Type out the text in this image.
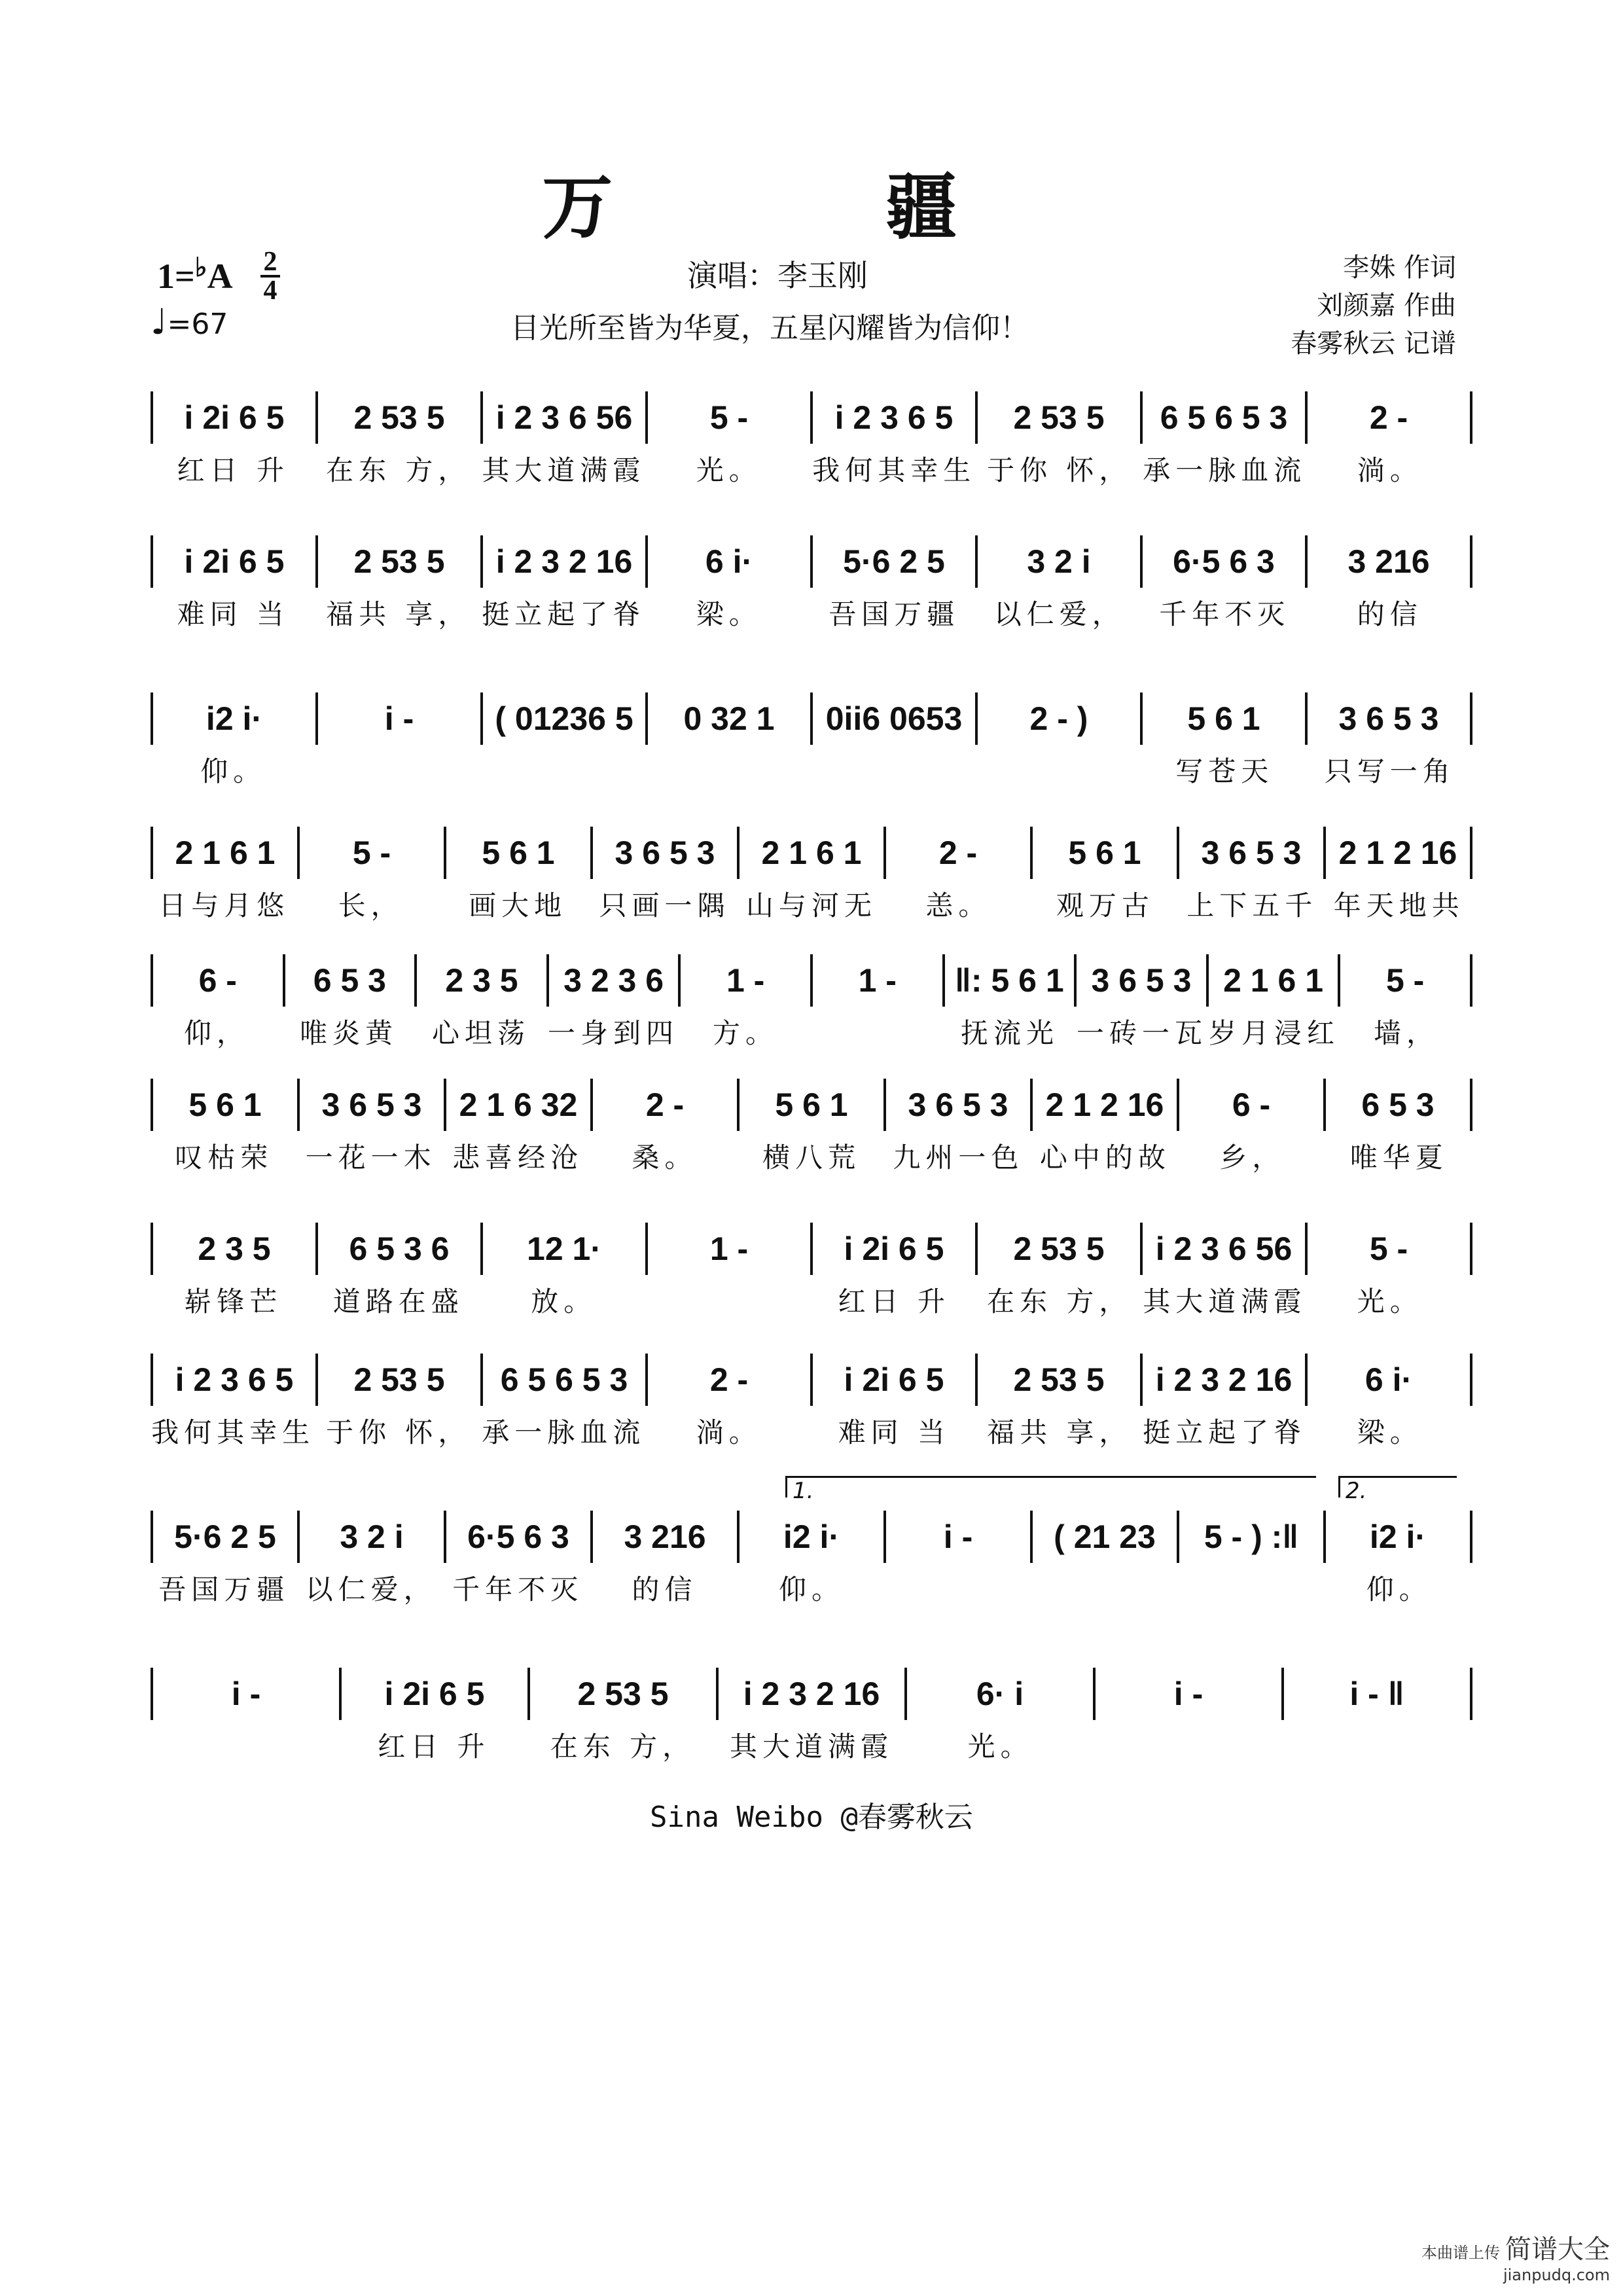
万 疆
1=♭A 2
4
♩=67
演唱：李玉刚
目光所至皆为华夏，五星闪耀皆为信仰！
李姝 作词
刘颜嘉 作曲
春雾秋云 记谱
i 2i 6 5	2 53 5	i 2 3 6 56	5 -	i 2 3 6 5	2 53 5	6 5 6 5 3	2 -
红日 升	在东 方， 其大道满霞	光。	我何其幸生 于你 怀， 承一脉血流	淌。
i 2i 6 5	2 53 5	i 2 3 2 16	6 i·	5·6 2 5	3 2 i	6·5 6 3	3 216
难同 当	福共 享， 挺立起了脊	梁。	吾国万疆	以仁爱，	千年不灭	的信
i2 i·	i -	( 01236 5	0 32 1	0ii6 0653	2 - )	5 6 1	3 6 5 3
仰。	写苍天	只写一角
2 1 6 1	5 -	5 6 1	3 6 5 3	2 1 6 1	2 -	5 6 1	3 6 5 3	2 1 2 16
日与月悠	长，	画大地	只画一隅 山与河无	恙。	观万古	上下五千 年天地共
6 -	6 5 3	2 3 5	3 2 3 6	1 -	1 -	‖: 5 6 1 3 6 5 3 2 1 6 1	5 -
仰，	唯炎黄	心坦荡 一身到四	方。	抚流光 一砖一瓦 岁月浸红	墙，
5 6 1	3 6 5 3	2 1 6 32	2 -	5 6 1	3 6 5 3	2 1 2 16	6 -	6 5 3
叹枯荣	一花一木 悲喜经沧	桑。	横八荒	九州一色 心中的故	乡，	唯华夏
2 3 5	6 5 3 6	12 1·	1 -	i 2i 6 5	2 53 5	i 2 3 6 56	5 -
崭锋芒	道路在盛	放。	红日 升	在东 方， 其大道满霞	光。
i 2 3 6 5	2 53 5	6 5 6 5 3	2 -	i 2i 6 5	2 53 5	i 2 3 2 16	6 i·
我何其幸生 于你 怀， 承一脉血流	淌。	难同 当	福共 享， 挺立起了脊	梁。
5·6 2 5	3 2 i	6·5 6 3	3 216	i2 i·	i -	( 21 23	5 - ) :‖	i2 i·
吾国万疆 以仁爱， 千年不灭	的信	仰。	仰。
i -	i 2i 6 5	2 53 5	i 2 3 2 16	6· i	i -	i - ‖
红日 升	在东 方，	其大道满霞	光。
1.	2.
Sina Weibo @春雾秋云
本曲谱上传 简谱大全
jianpudq.com
